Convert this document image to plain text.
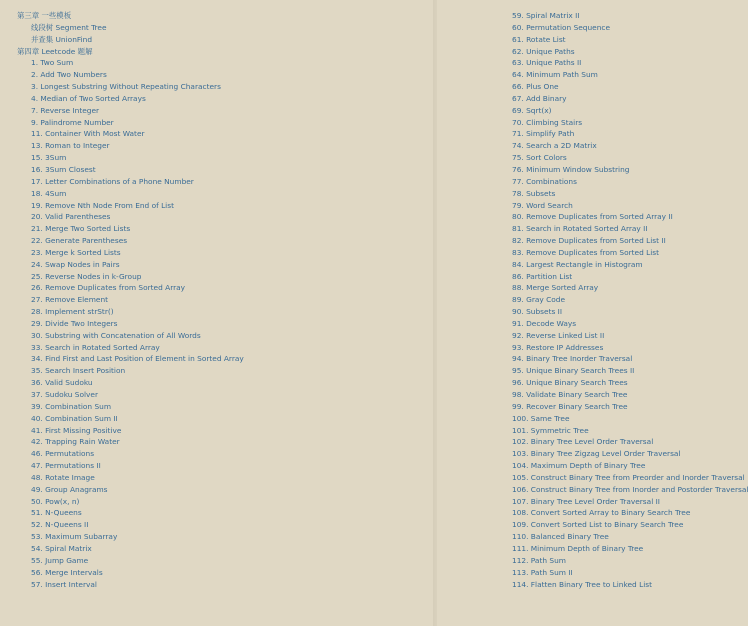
第三章 一些模板
线段树 Segment Tree
并查集 UnionFind
第四章 Leetcode 题解
1. Two Sum
2. Add Two Numbers
3. Longest Substring Without Repeating Characters
4. Median of Two Sorted Arrays
7. Reverse Integer
9. Palindrome Number
11. Container With Most Water
13. Roman to Integer
15. 3Sum
16. 3Sum Closest
17. Letter Combinations of a Phone Number
18. 4Sum
19. Remove Nth Node From End of List
20. Valid Parentheses
21. Merge Two Sorted Lists
22. Generate Parentheses
23. Merge k Sorted Lists
24. Swap Nodes in Pairs
25. Reverse Nodes in k-Group
26. Remove Duplicates from Sorted Array
27. Remove Element
28. Implement strStr()
29. Divide Two Integers
30. Substring with Concatenation of All Words
33. Search in Rotated Sorted Array
34. Find First and Last Position of Element in Sorted Array
35. Search Insert Position
36. Valid Sudoku
37. Sudoku Solver
39. Combination Sum
40. Combination Sum II
41. First Missing Positive
42. Trapping Rain Water
46. Permutations
47. Permutations II
48. Rotate Image
49. Group Anagrams
50. Pow(x, n)
51. N-Queens
52. N-Queens II
53. Maximum Subarray
54. Spiral Matrix
55. Jump Game
56. Merge Intervals
57. Insert Interval
59. Spiral Matrix II
60. Permutation Sequence
61. Rotate List
62. Unique Paths
63. Unique Paths II
64. Minimum Path Sum
66. Plus One
67. Add Binary
69. Sqrt(x)
70. Climbing Stairs
71. Simplify Path
74. Search a 2D Matrix
75. Sort Colors
76. Minimum Window Substring
77. Combinations
78. Subsets
79. Word Search
80. Remove Duplicates from Sorted Array II
81. Search in Rotated Sorted Array II
82. Remove Duplicates from Sorted List II
83. Remove Duplicates from Sorted List
84. Largest Rectangle in Histogram
86. Partition List
88. Merge Sorted Array
89. Gray Code
90. Subsets II
91. Decode Ways
92. Reverse Linked List II
93. Restore IP Addresses
94. Binary Tree Inorder Traversal
95. Unique Binary Search Trees II
96. Unique Binary Search Trees
98. Validate Binary Search Tree
99. Recover Binary Search Tree
100. Same Tree
101. Symmetric Tree
102. Binary Tree Level Order Traversal
103. Binary Tree Zigzag Level Order Traversal
104. Maximum Depth of Binary Tree
105. Construct Binary Tree from Preorder and Inorder Traversal
106. Construct Binary Tree from Inorder and Postorder Traversal
107. Binary Tree Level Order Traversal II
108. Convert Sorted Array to Binary Search Tree
109. Convert Sorted List to Binary Search Tree
110. Balanced Binary Tree
111. Minimum Depth of Binary Tree
112. Path Sum
113. Path Sum II
114. Flatten Binary Tree to Linked List
